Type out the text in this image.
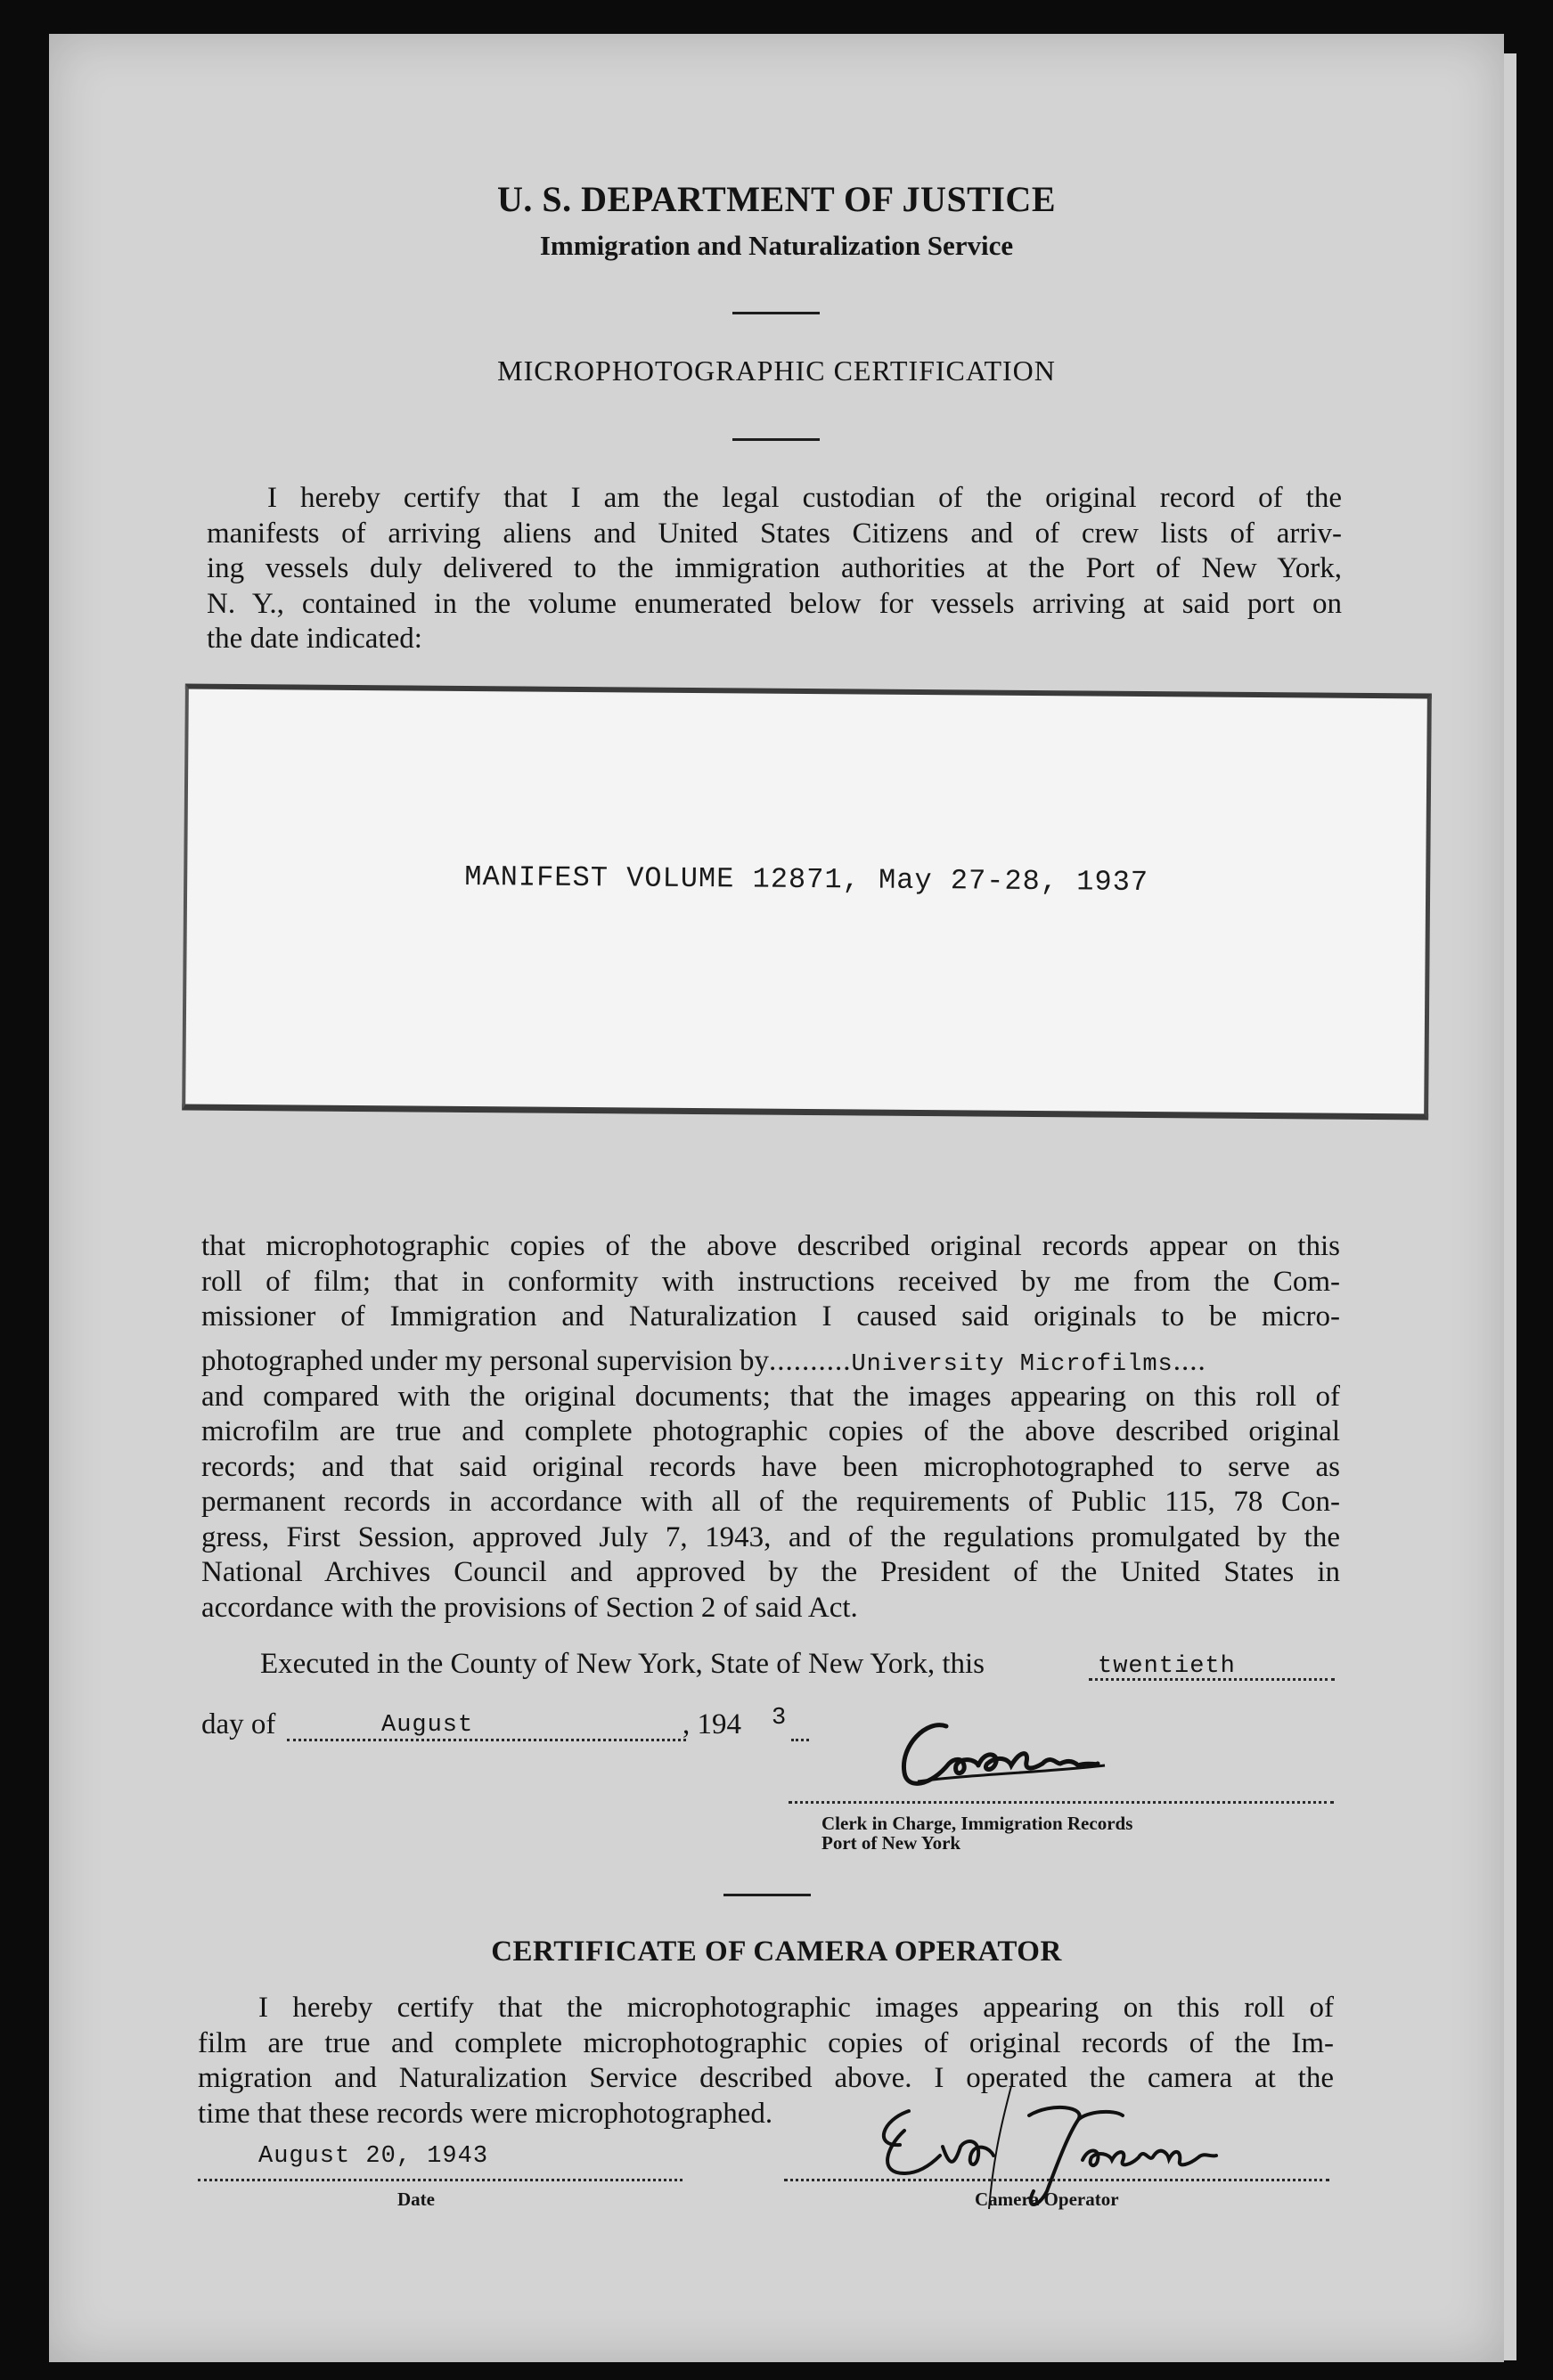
U. S. DEPARTMENT OF JUSTICE
Immigration and Naturalization Service
MICROPHOTOGRAPHIC CERTIFICATION
I hereby certify that I am the legal custodian of the original record of the
manifests of arriving aliens and United States Citizens and of crew lists of arriv-
ing vessels duly delivered to the immigration authorities at the Port of New York,
N. Y., contained in the volume enumerated below for vessels arriving at said port on
the date indicated:
MANIFEST VOLUME 12871, May 27-28, 1937
that microphotographic copies of the above described original records appear on this
roll of film; that in conformity with instructions received by me from the Com-
missioner of Immigration and Naturalization I caused said originals to be micro-
photographed under my personal supervision by..........University Microfilms....
and compared with the original documents; that the images appearing on this roll of
microfilm are true and complete photographic copies of the above described original
records; and that said original records have been microphotographed to serve as
permanent records in accordance with all of the requirements of Public 115, 78 Con-
gress, First Session, approved July 7, 1943, and of the regulations promulgated by the
National Archives Council and approved by the President of the United States in
accordance with the provisions of Section 2 of said Act.
Executed in the County of New York, State of New York, this	twentieth
day of	August	, 194 3
Clerk in Charge, Immigration Records
Port of New York
CERTIFICATE OF CAMERA OPERATOR
I hereby certify that the microphotographic images appearing on this roll of
film are true and complete microphotographic copies of original records of the Im-
migration and Naturalization Service described above. I operated the camera at the
time that these records were microphotographed.
August 20, 1943
Date	Camera Operator
